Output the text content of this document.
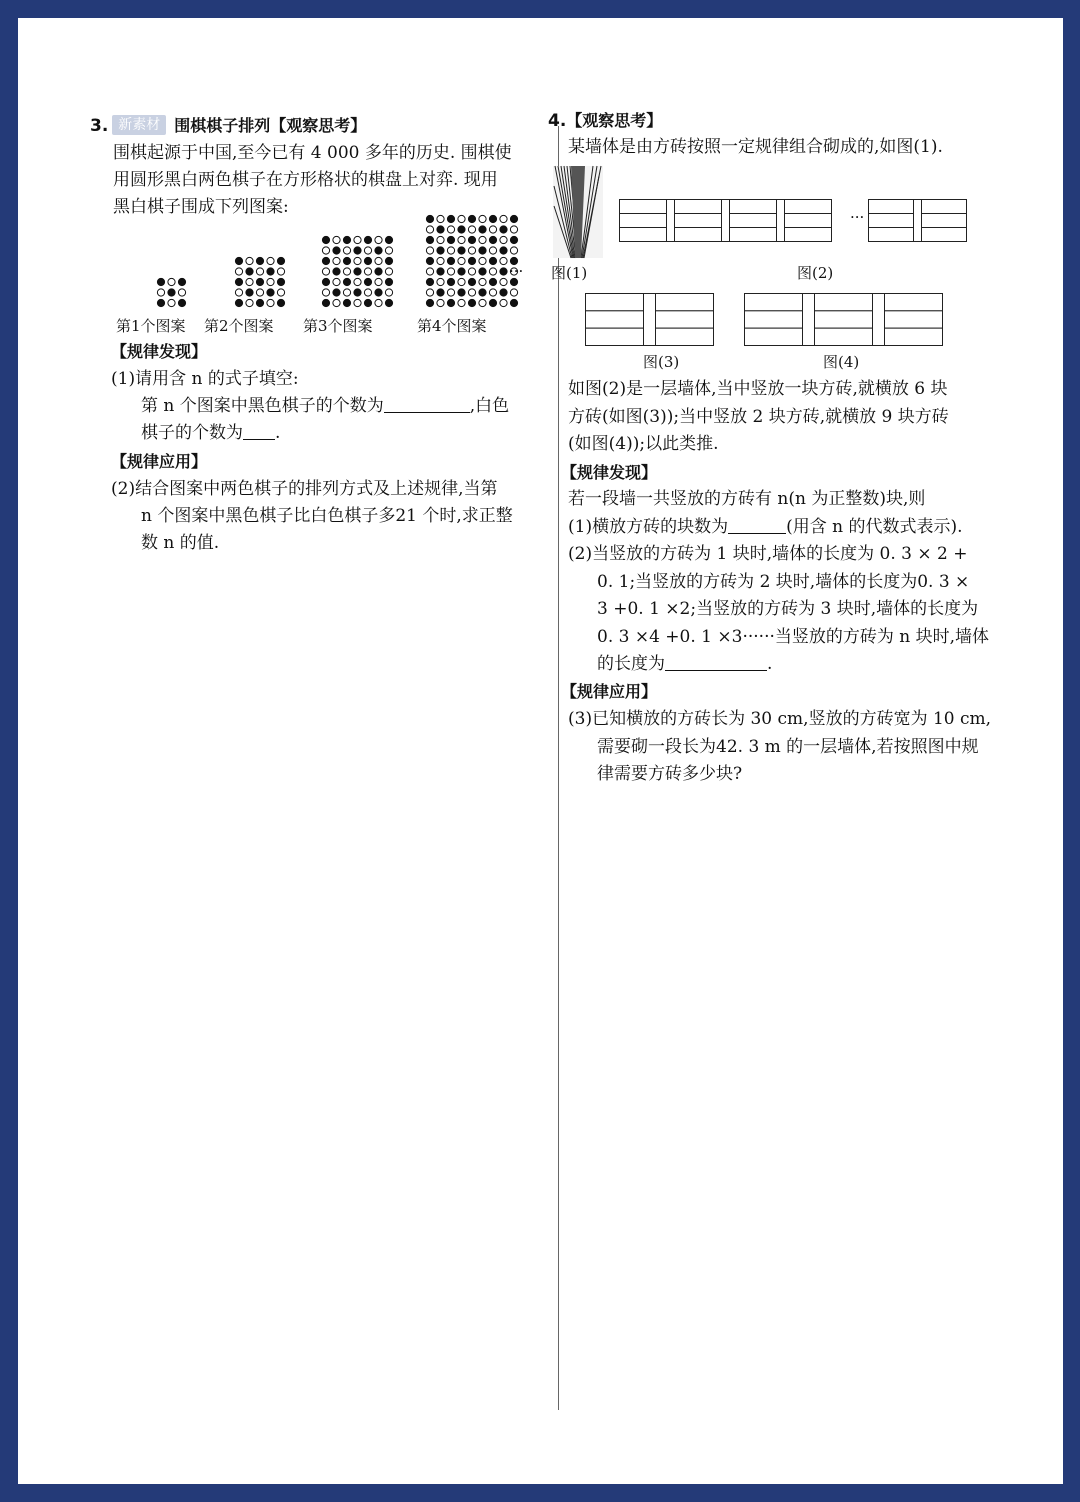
3. 新素材 围棋棋子排列【观察思考】
围棋起源于中国,至今已有 4 000 多年的历史. 围棋使
用圆形黑白两色棋子在方形格状的棋盘上对弈. 现用
黑白棋子围成下列图案:
第1个图案 第2个图案 第3个图案	第4个图案
···
【规律发现】
(1)请用含 n 的式子填空:
第 n 个图案中黑色棋子的个数为	,白色
棋子的个数为 .
【规律应用】
(2)结合图案中两色棋子的排列方式及上述规律,当第
n 个图案中黑色棋子比白色棋子多21 个时,求正整
数 n 的值.
4.【观察思考】
某墙体是由方砖按照一定规律组合砌成的,如图(1).
···
图(1)	图(2)
图(3)	图(4)
如图(2)是一层墙体,当中竖放一块方砖,就横放 6 块
方砖(如图(3));当中竖放 2 块方砖,就横放 9 块方砖
(如图(4));以此类推.
【规律发现】
若一段墙一共竖放的方砖有 n(n 为正整数)块,则
(1)横放方砖的块数为	(用含 n 的代数式表示).
(2)当竖放的方砖为 1 块时,墙体的长度为 0. 3 × 2 +
0. 1;当竖放的方砖为 2 块时,墙体的长度为0. 3 ×
3 +0. 1 ×2;当竖放的方砖为 3 块时,墙体的长度为
0. 3 ×4 +0. 1 ×3······当竖放的方砖为 n 块时,墙体
的长度为	.
【规律应用】
(3)已知横放的方砖长为 30 cm,竖放的方砖宽为 10 cm,
需要砌一段长为42. 3 m 的一层墙体,若按照图中规
律需要方砖多少块?
